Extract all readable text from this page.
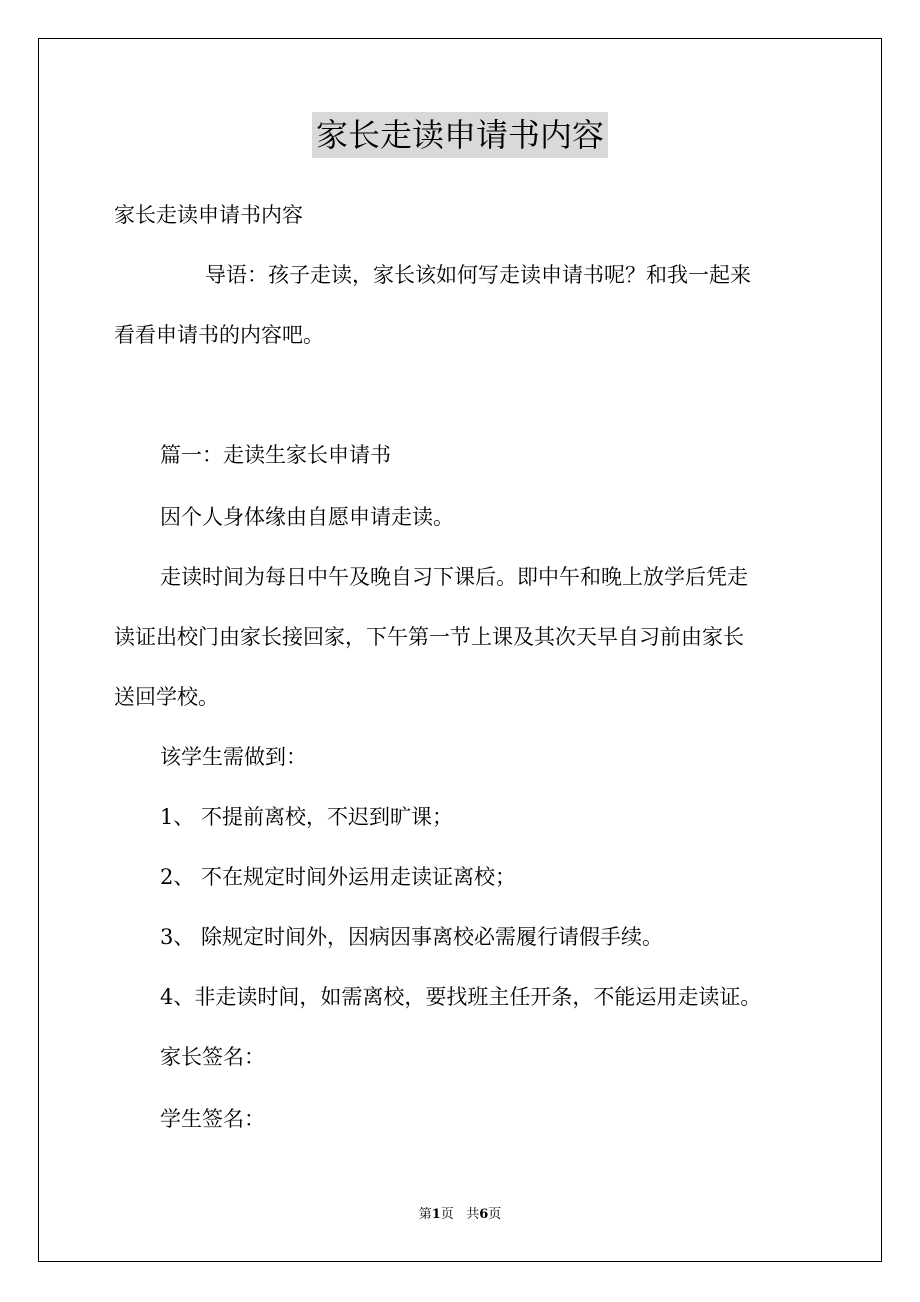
家长走读申请书内容
家长走读申请书内容
导语：孩子走读，家长该如何写走读申请书呢？和我一起来
看看申请书的内容吧。
篇一：走读生家长申请书
因个人身体缘由自愿申请走读。
走读时间为每日中午及晚自习下课后。即中午和晚上放学后凭走
读证出校门由家长接回家，下午第一节上课及其次天早自习前由家长
送回学校。
该学生需做到：
1、 不提前离校，不迟到旷课；
2、 不在规定时间外运用走读证离校；
3、 除规定时间外，因病因事离校必需履行请假手续。
4、非走读时间，如需离校，要找班主任开条，不能运用走读证。
家长签名：
学生签名：
第1页 共6页
